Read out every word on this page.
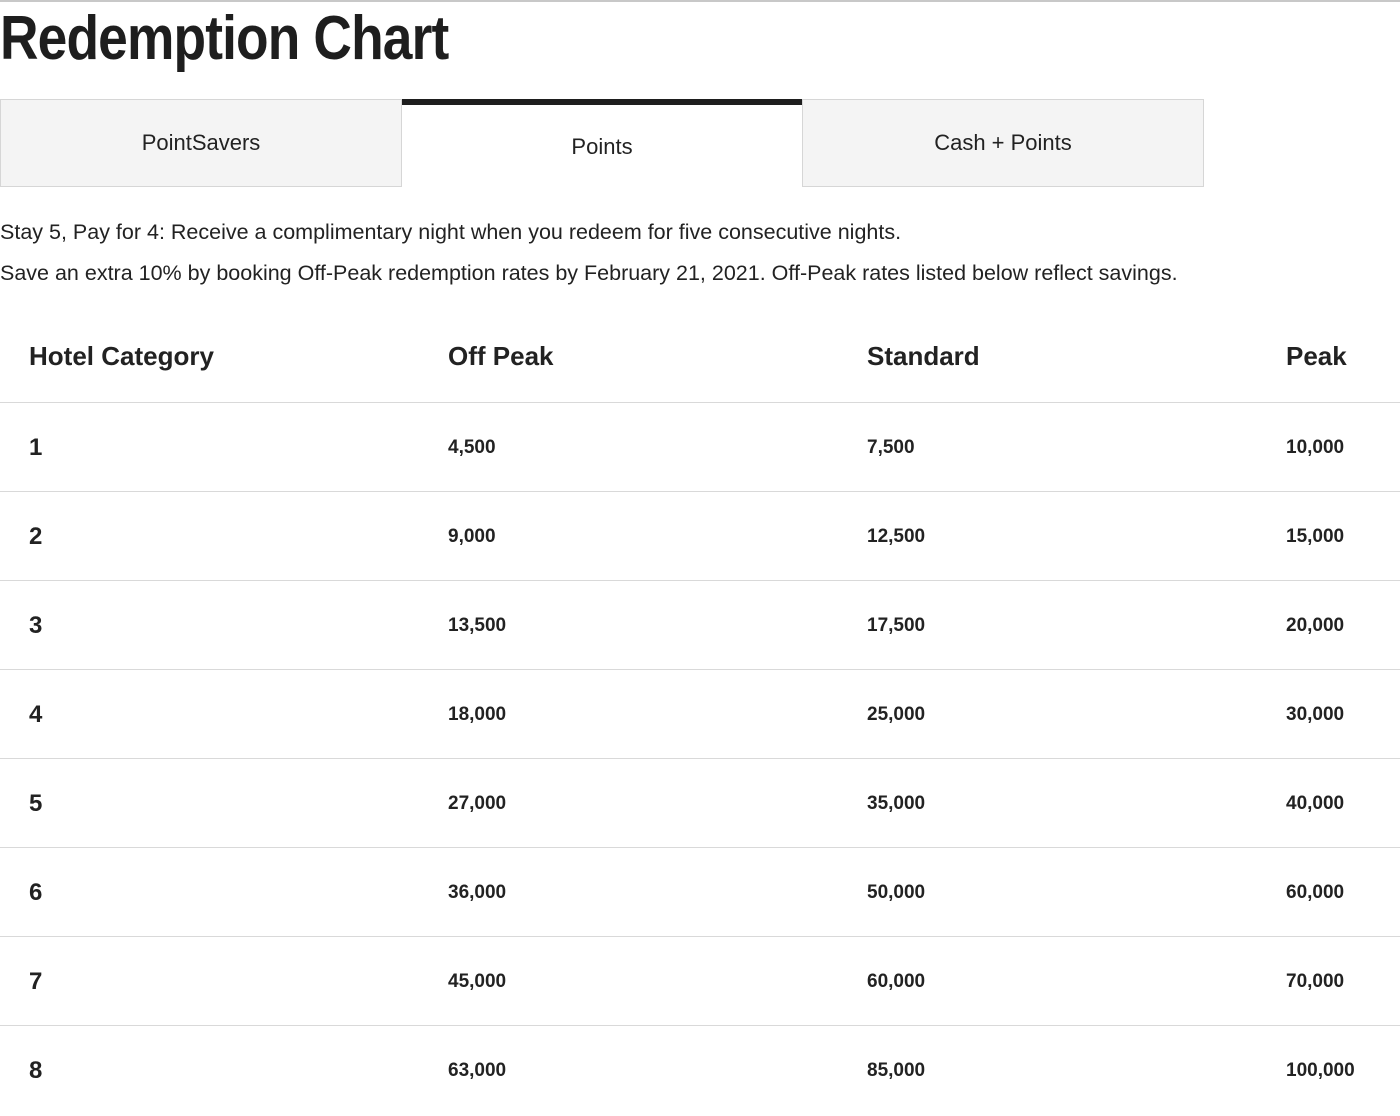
Redemption Chart
PointSavers	Points	Cash + Points
Stay 5, Pay for 4: Receive a complimentary night when you redeem for five consecutive nights.
Save an extra 10% by booking Off-Peak redemption rates by February 21, 2021. Off-Peak rates listed below reflect savings.
Hotel Category	Off Peak	Standard	Peak
1	4,500	7,500	10,000
2	9,000	12,500	15,000
3	13,500	17,500	20,000
4	18,000	25,000	30,000
5	27,000	35,000	40,000
6	36,000	50,000	60,000
7	45,000	60,000	70,000
8	63,000	85,000	100,000
